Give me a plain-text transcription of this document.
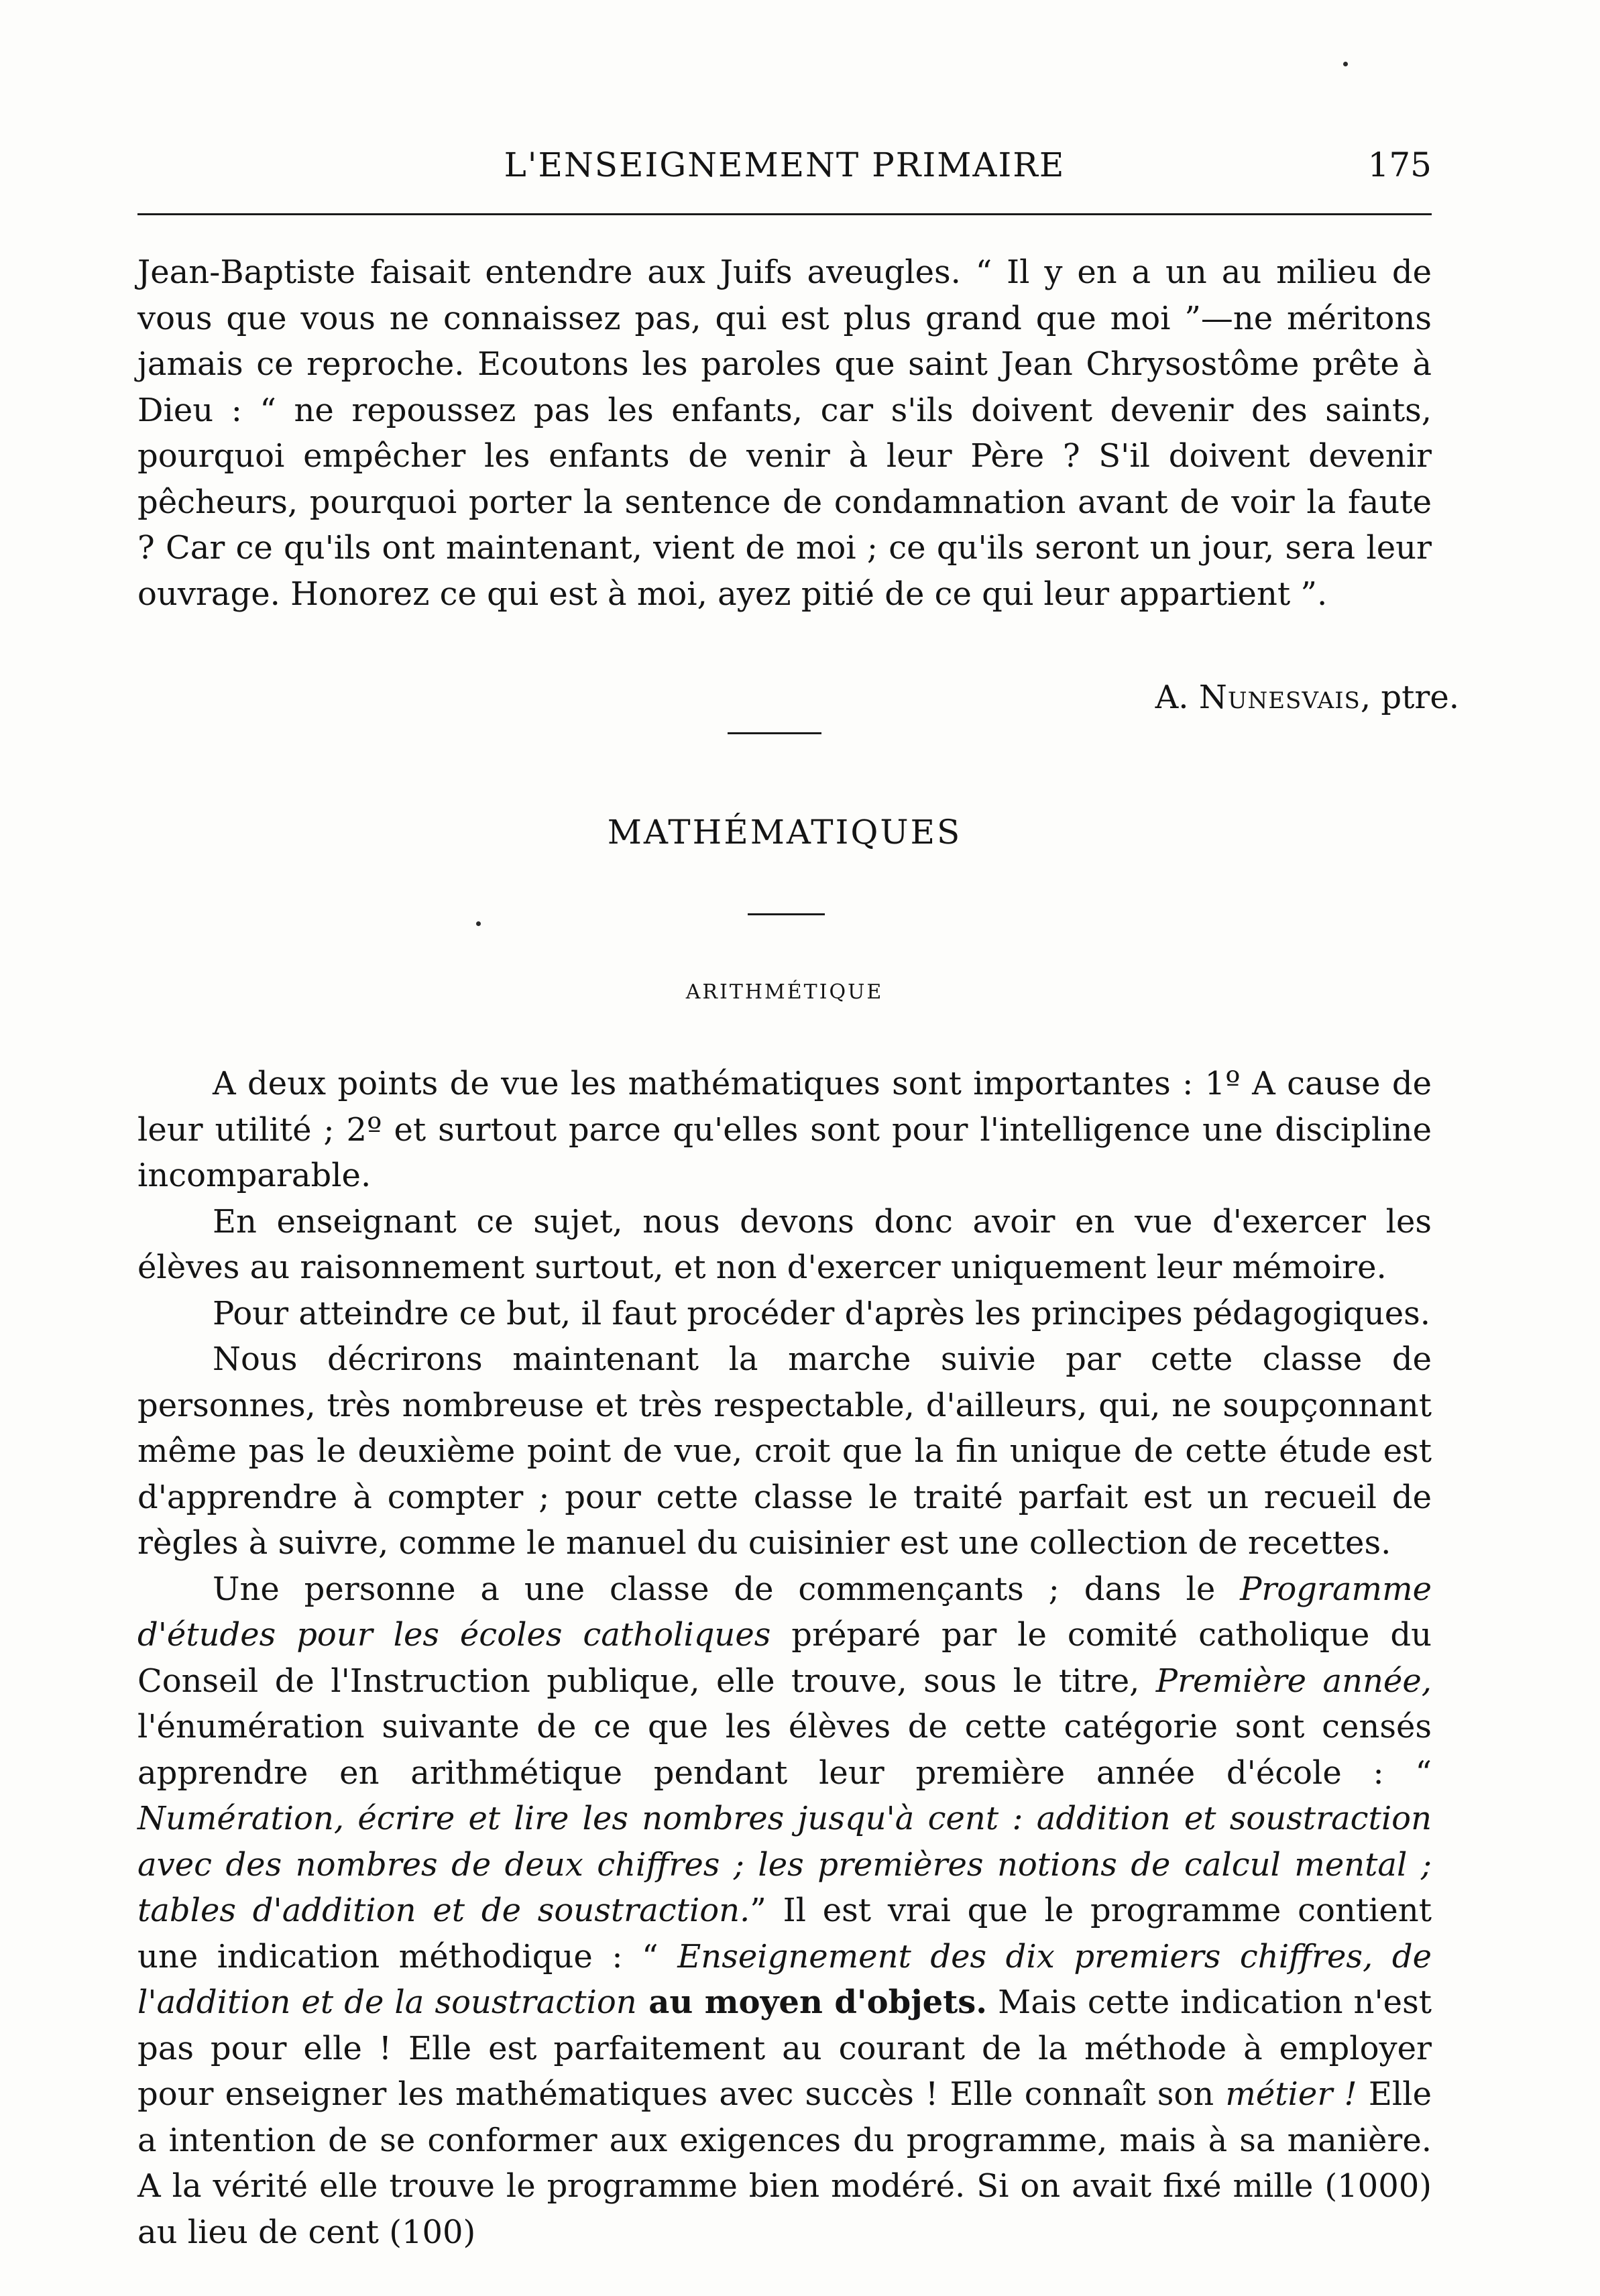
L'ENSEIGNEMENT PRIMAIRE	175

Jean-Baptiste faisait entendre aux Juifs aveugles. “ Il y en a un au milieu de vous que vous ne connaissez pas, qui est plus grand que moi ”—ne méritons jamais ce reproche. Ecoutons les paroles que saint Jean Chrysostôme prête à Dieu : “ ne repoussez pas les enfants, car s'ils doivent devenir des saints, pourquoi empêcher les enfants de venir à leur Père ? S'il doivent devenir pêcheurs, pourquoi porter la sentence de condamnation avant de voir la faute ? Car ce qu'ils ont maintenant, vient de moi ; ce qu'ils seront un jour, sera leur ouvrage. Honorez ce qui est à moi, ayez pitié de ce qui leur appartient ”.

A. Nunesvais, ptre.
MATHÉMATIQUES
ARITHMÉTIQUE

A deux points de vue les mathématiques sont importantes : 1º A cause de leur utilité ; 2º et surtout parce qu'elles sont pour l'intelligence une discipline incomparable.

En enseignant ce sujet, nous devons donc avoir en vue d'exercer les élèves au raisonnement surtout, et non d'exercer uniquement leur mémoire.

Pour atteindre ce but, il faut procéder d'après les principes pédagogiques.

Nous décrirons maintenant la marche suivie par cette classe de personnes, très nombreuse et très respectable, d'ailleurs, qui, ne soupçonnant même pas le deuxième point de vue, croit que la fin unique de cette étude est d'apprendre à compter ; pour cette classe le traité parfait est un recueil de règles à suivre, comme le manuel du cuisinier est une collection de recettes.

Une personne a une classe de commençants ; dans le Programme d'études pour les écoles catholiques préparé par le comité catholique du Conseil de l'Instruction publique, elle trouve, sous le titre, Première année, l'énumération suivante de ce que les élèves de cette catégorie sont censés apprendre en arithmétique pendant leur première année d'école : “ Numération, écrire et lire les nombres jusqu'à cent : addition et soustraction avec des nombres de deux chiffres ; les premières notions de calcul mental ; tables d'addition et de soustraction.” Il est vrai que le programme contient une indication méthodique : “ Enseignement des dix premiers chiffres, de l'addition et de la soustraction au moyen d'objets. Mais cette indication n'est pas pour elle ! Elle est parfaitement au courant de la méthode à employer pour enseigner les mathématiques avec succès ! Elle connaît son métier ! Elle a intention de se conformer aux exigences du programme, mais à sa manière. A la vérité elle trouve le programme bien modéré. Si on avait fixé mille (1000) au lieu de cent (100)
